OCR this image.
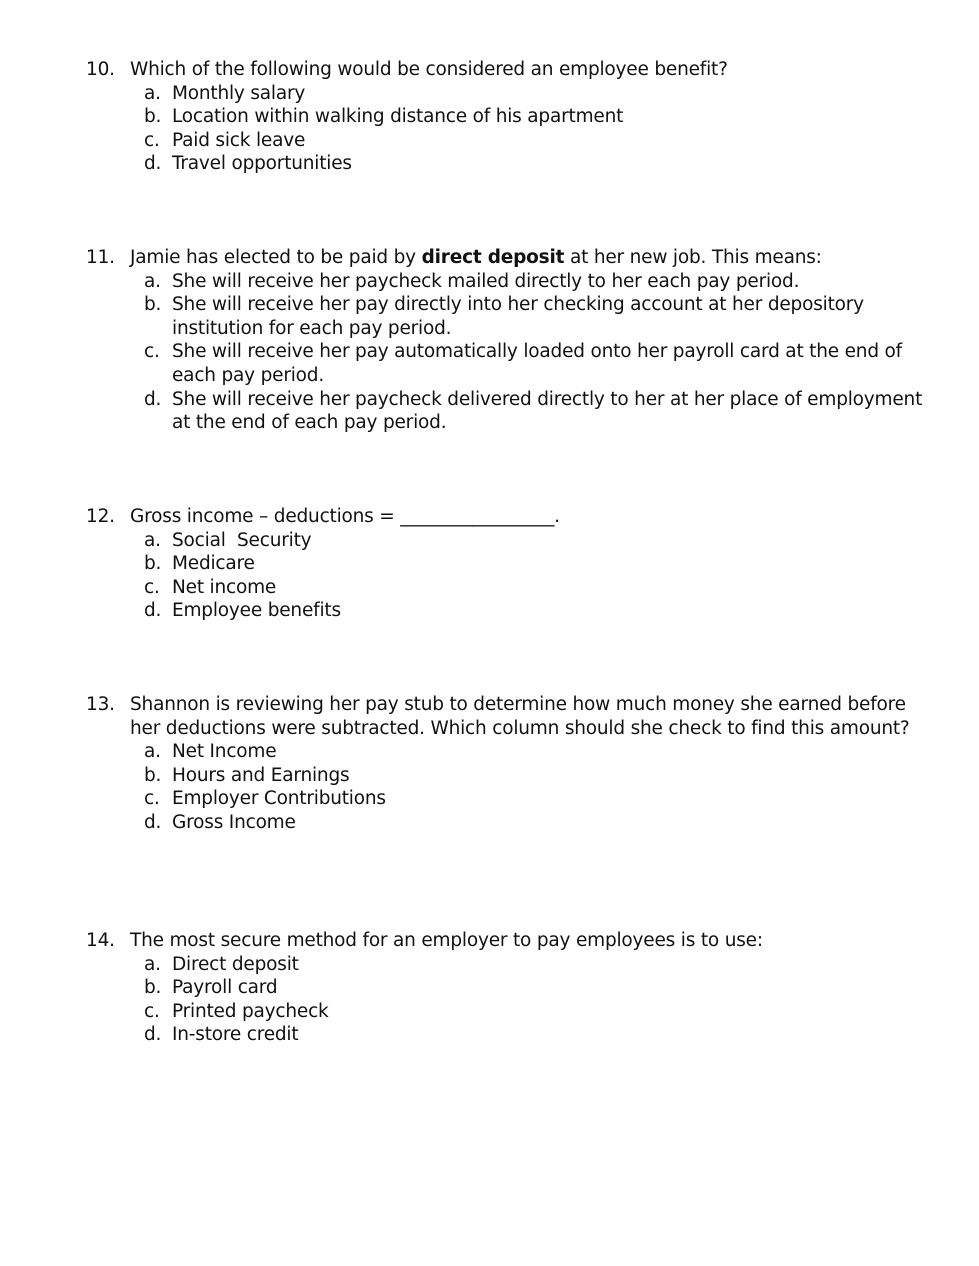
10. Which of the following would be considered an employee benefit?
a. Monthly salary
b. Location within walking distance of his apartment
c. Paid sick leave
d. Travel opportunities
11. Jamie has elected to be paid by direct deposit at her new job. This means:
a. She will receive her paycheck mailed directly to her each pay period.
b. She will receive her pay directly into her checking account at her depository institution for each pay period.
c. She will receive her pay automatically loaded onto her payroll card at the end of each pay period.
d. She will receive her paycheck delivered directly to her at her place of employment at the end of each pay period.
12. Gross income – deductions = _________________.
a. Social  Security
b. Medicare
c. Net income
d. Employee benefits
13. Shannon is reviewing her pay stub to determine how much money she earned before her deductions were subtracted. Which column should she check to find this amount?
a. Net Income
b. Hours and Earnings
c. Employer Contributions
d. Gross Income
14. The most secure method for an employer to pay employees is to use:
a. Direct deposit
b. Payroll card
c. Printed paycheck
d. In-store credit
